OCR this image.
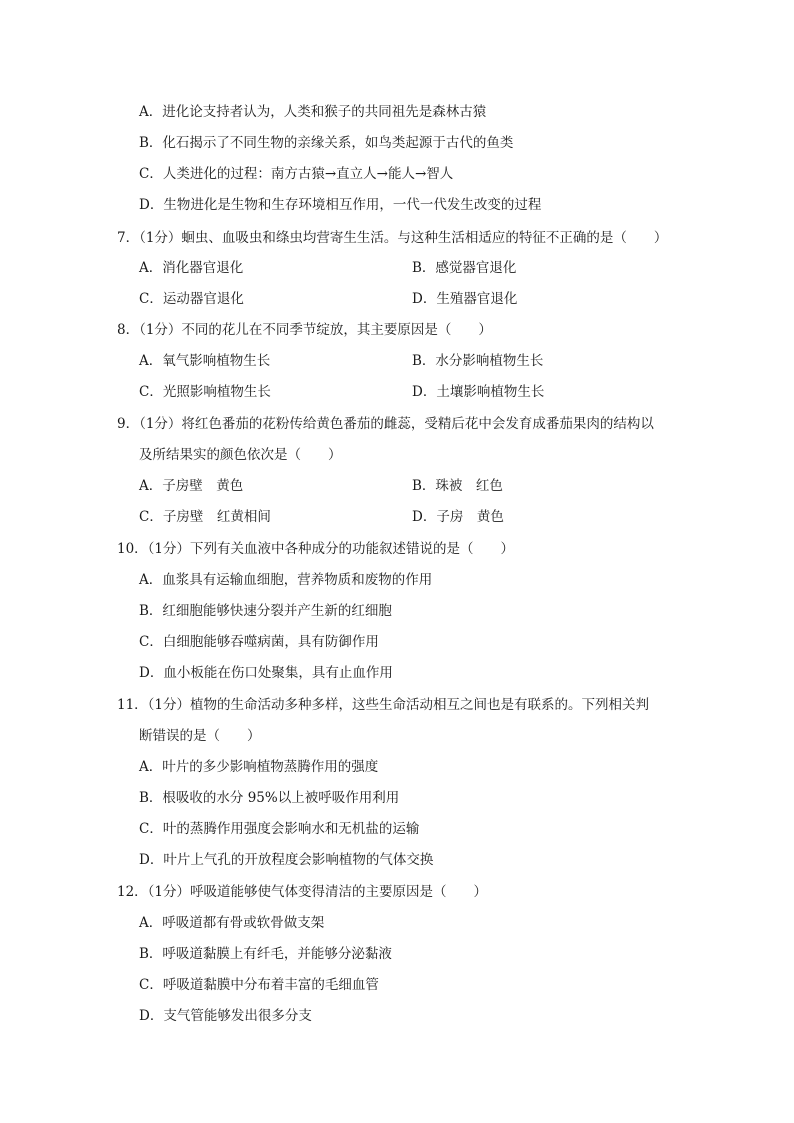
A．进化论支持者认为，人类和猴子的共同祖先是森林古猿
B．化石揭示了不同生物的亲缘关系，如鸟类起源于古代的鱼类
C．人类进化的过程：南方古猿→直立人→能人→智人
D．生物进化是生物和生存环境相互作用，一代一代发生改变的过程
7．（1分）蛔虫、血吸虫和绦虫均营寄生生活。与这种生活相适应的特征不正确的是（　　）
A．消化器官退化	B．感觉器官退化
C．运动器官退化	D．生殖器官退化
8．（1分）不同的花儿在不同季节绽放，其主要原因是（　　）
A．氧气影响植物生长	B．水分影响植物生长
C．光照影响植物生长	D．土壤影响植物生长
9．（1分）将红色番茄的花粉传给黄色番茄的雌蕊，受精后花中会发育成番茄果肉的结构以
及所结果实的颜色依次是（　　）
A．子房壁　黄色	B．珠被　红色
C．子房壁　红黄相间	D．子房　黄色
10．（1分）下列有关血液中各种成分的功能叙述错说的是（　　）
A．血浆具有运输血细胞，营养物质和废物的作用
B．红细胞能够快速分裂并产生新的红细胞
C．白细胞能够吞噬病菌，具有防御作用
D．血小板能在伤口处聚集，具有止血作用
11．（1分）植物的生命活动多种多样，这些生命活动相互之间也是有联系的。下列相关判
断错误的是（　　）
A．叶片的多少影响植物蒸腾作用的强度
B．根吸收的水分 95%以上被呼吸作用利用
C．叶的蒸腾作用强度会影响水和无机盐的运输
D．叶片上气孔的开放程度会影响植物的气体交换
12．（1分）呼吸道能够使气体变得清洁的主要原因是（　　）
A．呼吸道都有骨或软骨做支架
B．呼吸道黏膜上有纤毛，并能够分泌黏液
C．呼吸道黏膜中分布着丰富的毛细血管
D．支气管能够发出很多分支
